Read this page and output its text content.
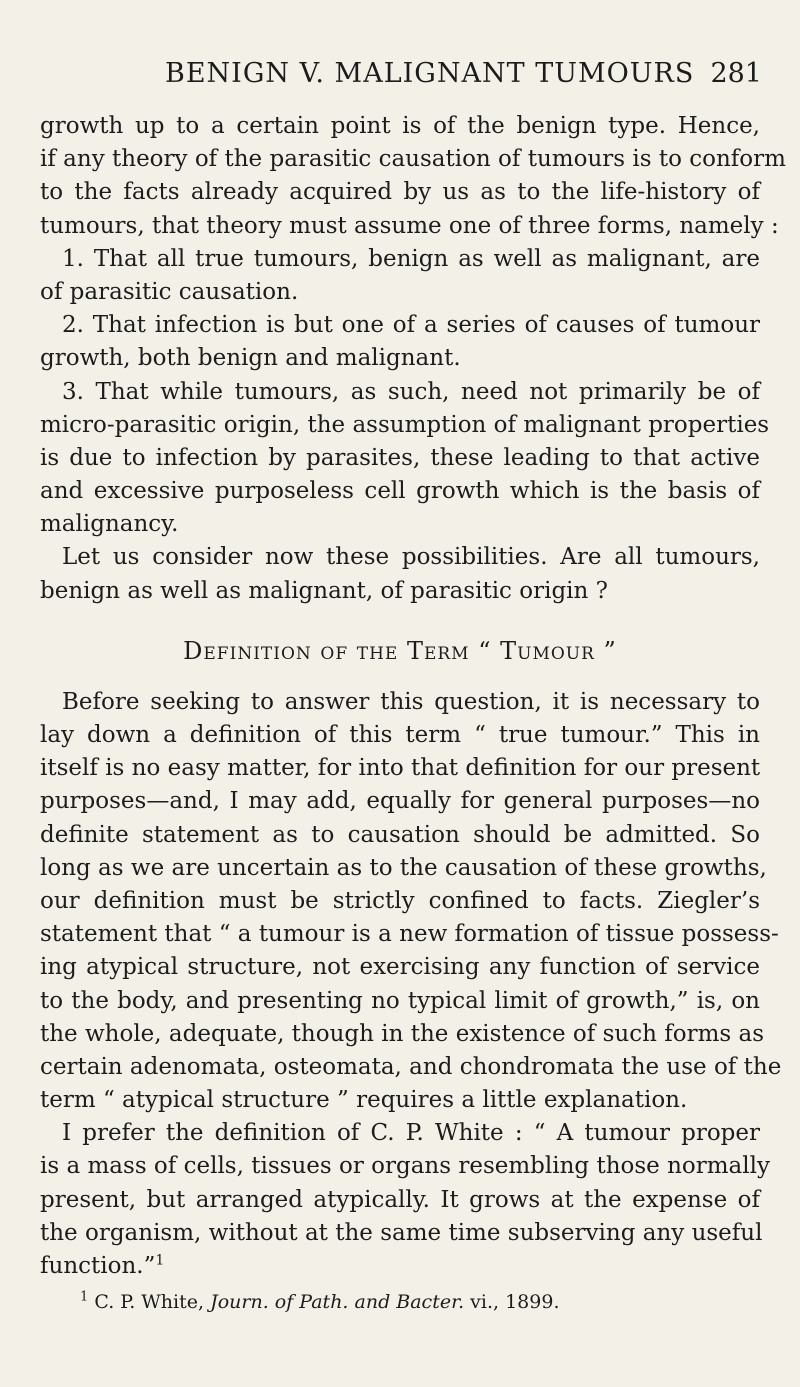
BENIGN V. MALIGNANT TUMOURS 281
growth up to a certain point is of the benign type. Hence,
if any theory of the parasitic causation of tumours is to conform
to the facts already acquired by us as to the life-history of
tumours, that theory must assume one of three forms, namely :
1. That all true tumours, benign as well as malignant, are
of parasitic causation.
2. That infection is but one of a series of causes of tumour
growth, both benign and malignant.
3. That while tumours, as such, need not primarily be of
micro-parasitic origin, the assumption of malignant properties
is due to infection by parasites, these leading to that active
and excessive purposeless cell growth which is the basis of
malignancy.
Let us consider now these possibilities. Are all tumours,
benign as well as malignant, of parasitic origin ?
Definition of the Term “ Tumour ”
Before seeking to answer this question, it is necessary to
lay down a definition of this term “ true tumour.” This in
itself is no easy matter, for into that definition for our present
purposes—and, I may add, equally for general purposes—no
definite statement as to causation should be admitted. So
long as we are uncertain as to the causation of these growths,
our definition must be strictly confined to facts. Ziegler’s
statement that “ a tumour is a new formation of tissue possess-
ing atypical structure, not exercising any function of service
to the body, and presenting no typical limit of growth,” is, on
the whole, adequate, though in the existence of such forms as
certain adenomata, osteomata, and chondromata the use of the
term “ atypical structure ” requires a little explanation.
I prefer the definition of C. P. White : “ A tumour proper
is a mass of cells, tissues or organs resembling those normally
present, but arranged atypically. It grows at the expense of
the organism, without at the same time subserving any useful
function.”$^1$
$^1$ C. P. White, Journ. of Path. and Bacter. vi., 1899.
